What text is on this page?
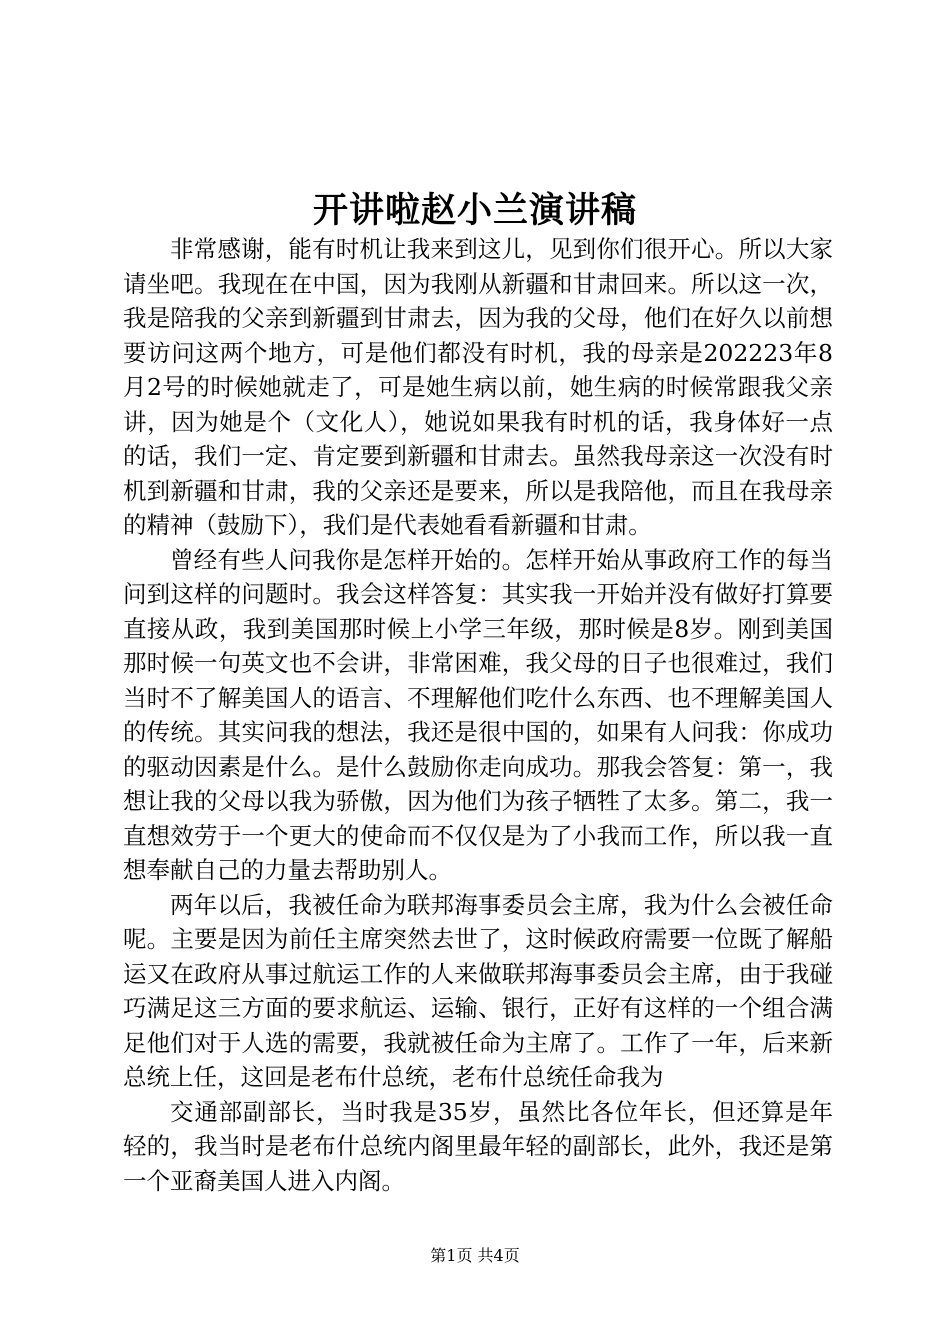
开讲啦赵小兰演讲稿

非常感谢，能有时机让我来到这儿，见到你们很开心。所以大家请坐吧。我现在在中国，因为我刚从新疆和甘肃回来。所以这一次，我是陪我的父亲到新疆到甘肃去，因为我的父母，他们在好久以前想要访问这两个地方，可是他们都没有时机，我的母亲是202223年8月2号的时候她就走了，可是她生病以前，她生病的时候常跟我父亲讲，因为她是个（文化人），她说如果我有时机的话，我身体好一点的话，我们一定、肯定要到新疆和甘肃去。虽然我母亲这一次没有时机到新疆和甘肃，我的父亲还是要来，所以是我陪他，而且在我母亲的精神（鼓励下），我们是代表她看看新疆和甘肃。

曾经有些人问我你是怎样开始的。怎样开始从事政府工作的每当问到这样的问题时。我会这样答复：其实我一开始并没有做好打算要直接从政，我到美国那时候上小学三年级，那时候是8岁。刚到美国那时候一句英文也不会讲，非常困难，我父母的日子也很难过，我们当时不了解美国人的语言、不理解他们吃什么东西、也不理解美国人的传统。其实问我的想法，我还是很中国的，如果有人问我：你成功的驱动因素是什么。是什么鼓励你走向成功。那我会答复：第一，我想让我的父母以我为骄傲，因为他们为孩子牺牲了太多。第二，我一直想效劳于一个更大的使命而不仅仅是为了小我而工作，所以我一直想奉献自己的力量去帮助别人。

两年以后，我被任命为联邦海事委员会主席，我为什么会被任命呢。主要是因为前任主席突然去世了，这时候政府需要一位既了解船运又在政府从事过航运工作的人来做联邦海事委员会主席，由于我碰巧满足这三方面的要求航运、运输、银行，正好有这样的一个组合满足他们对于人选的需要，我就被任命为主席了。工作了一年，后来新总统上任，这回是老布什总统，老布什总统任命我为

交通部副部长，当时我是35岁，虽然比各位年长，但还算是年轻的，我当时是老布什总统内阁里最年轻的副部长，此外，我还是第一个亚裔美国人进入内阁。

第1页 共4页
